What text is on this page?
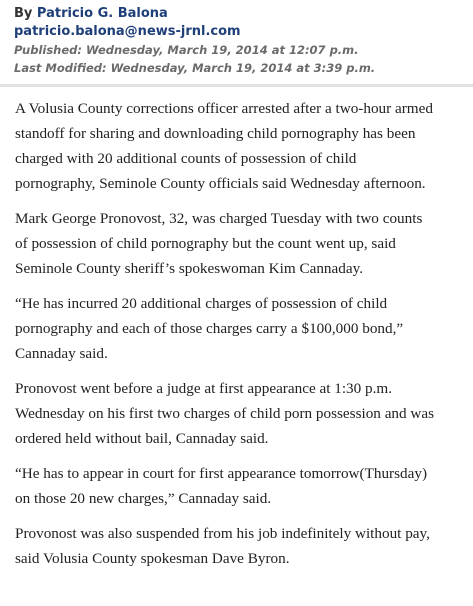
By Patricio G. Balona
patricio.balona@news-jrnl.com
Published: Wednesday, March 19, 2014 at 12:07 p.m.
Last Modified: Wednesday, March 19, 2014 at 3:39 p.m.

A Volusia County corrections officer arrested after a two-hour armed
standoff for sharing and downloading child pornography has been
charged with 20 additional counts of possession of child
pornography, Seminole County officials said Wednesday afternoon.

Mark George Pronovost, 32, was charged Tuesday with two counts
of possession of child pornography but the count went up, said
Seminole County sheriff’s spokeswoman Kim Cannaday.

“He has incurred 20 additional charges of possession of child
pornography and each of those charges carry a $100,000 bond,”
Cannaday said.

Pronovost went before a judge at first appearance at 1:30 p.m.
Wednesday on his first two charges of child porn possession and was
ordered held without bail, Cannaday said.

“He has to appear in court for first appearance tomorrow(Thursday)
on those 20 new charges,” Cannaday said.

Provonost was also suspended from his job indefinitely without pay,
said Volusia County spokesman Dave Byron.
